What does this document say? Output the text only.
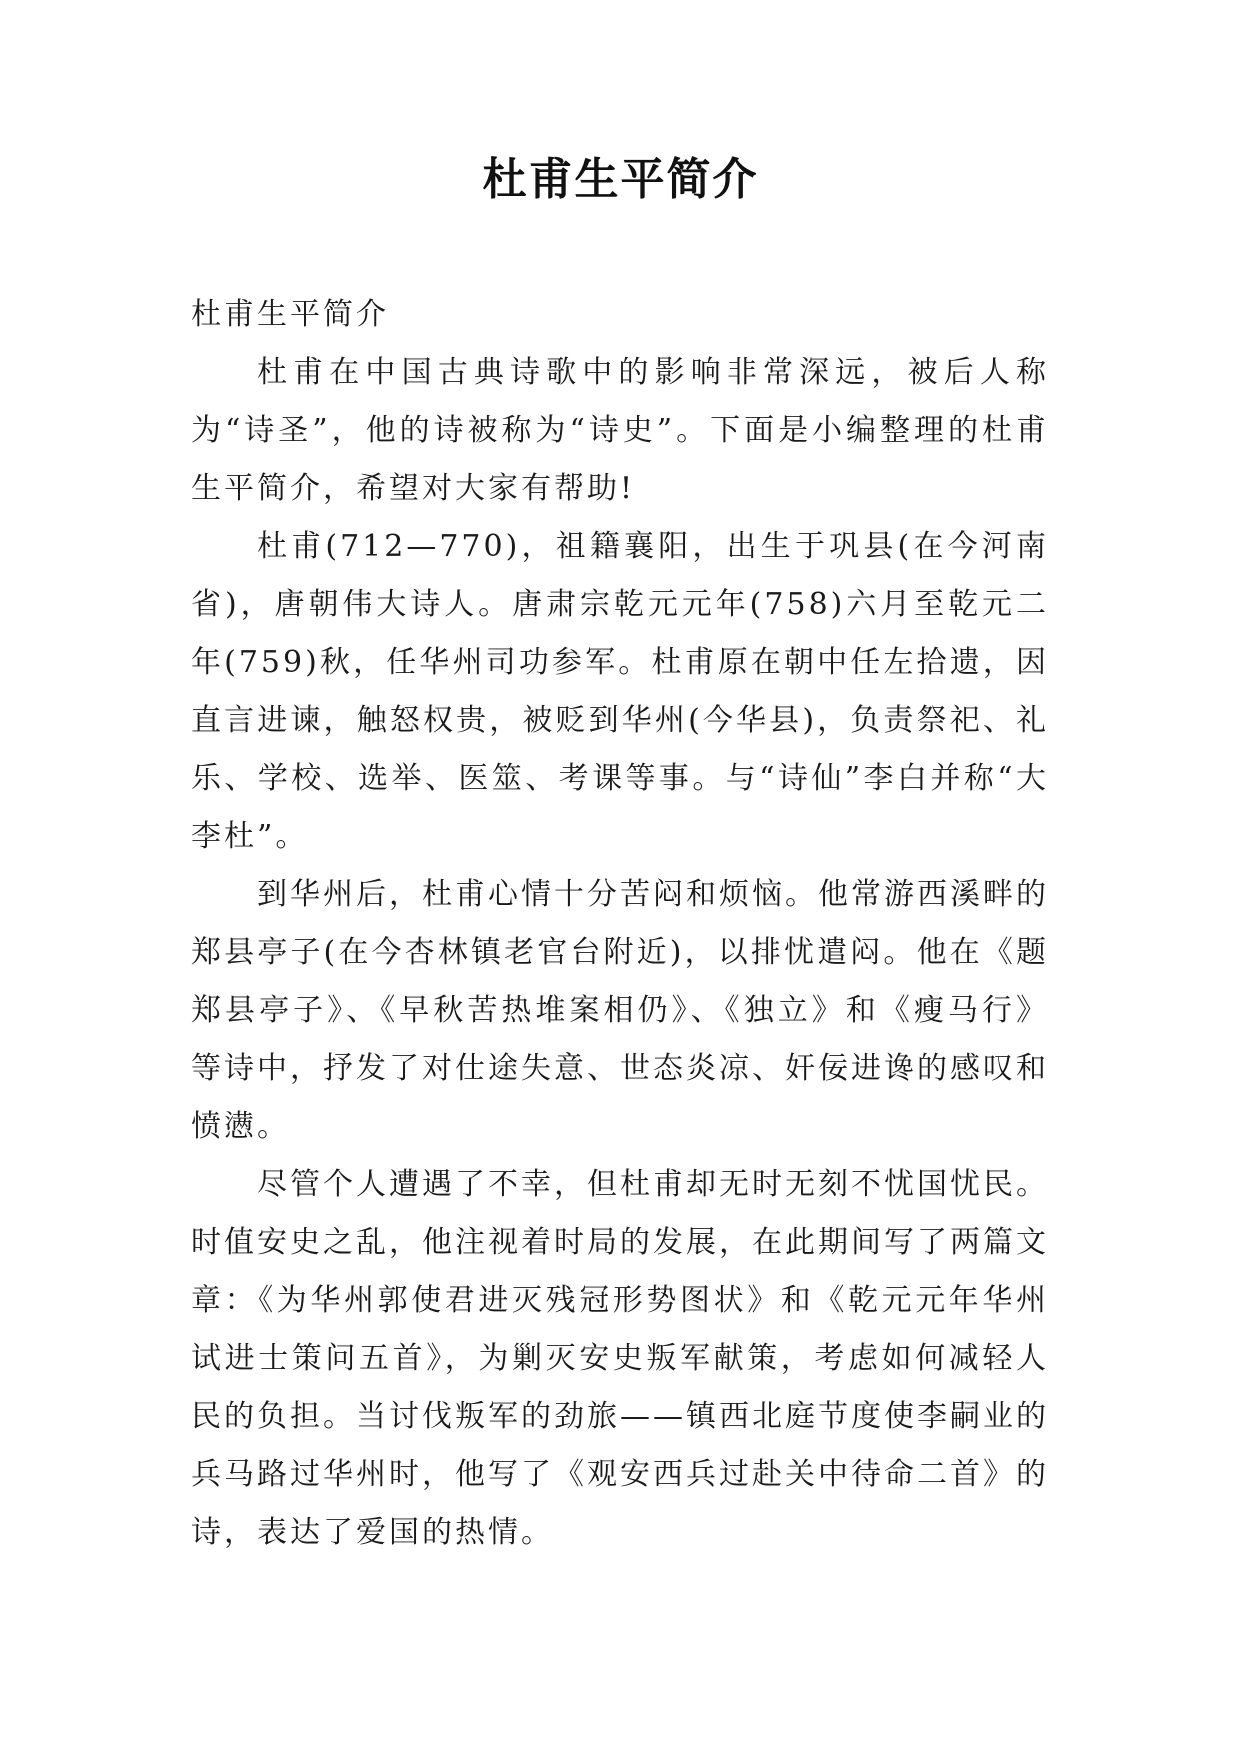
杜甫生平简介

杜甫生平简介

杜甫在中国古典诗歌中的影响非常深远，被后人称为“诗圣”，他的诗被称为“诗史”。下面是小编整理的杜甫生平简介，希望对大家有帮助!

杜甫(712—770)，祖籍襄阳，出生于巩县(在今河南省)，唐朝伟大诗人。唐肃宗乾元元年(758)六月至乾元二年(759)秋，任华州司功参军。杜甫原在朝中任左拾遗，因直言进谏，触怒权贵，被贬到华州(今华县)，负责祭祀、礼乐、学校、选举、医筮、考课等事。与“诗仙”李白并称“大李杜”。

到华州后，杜甫心情十分苦闷和烦恼。他常游西溪畔的郑县亭子(在今杏林镇老官台附近)，以排忧遣闷。他在《题郑县亭子》、《早秋苦热堆案相仍》、《独立》和《瘦马行》等诗中，抒发了对仕途失意、世态炎凉、奸佞进谗的感叹和愤懑。

尽管个人遭遇了不幸，但杜甫却无时无刻不忧国忧民。时值安史之乱，他注视着时局的发展，在此期间写了两篇文章：《为华州郭使君进灭残冠形势图状》和《乾元元年华州试进士策问五首》，为剿灭安史叛军献策，考虑如何减轻人民的负担。当讨伐叛军的劲旅——镇西北庭节度使李嗣业的兵马路过华州时，他写了《观安西兵过赴关中待命二首》的诗，表达了爱国的热情。
